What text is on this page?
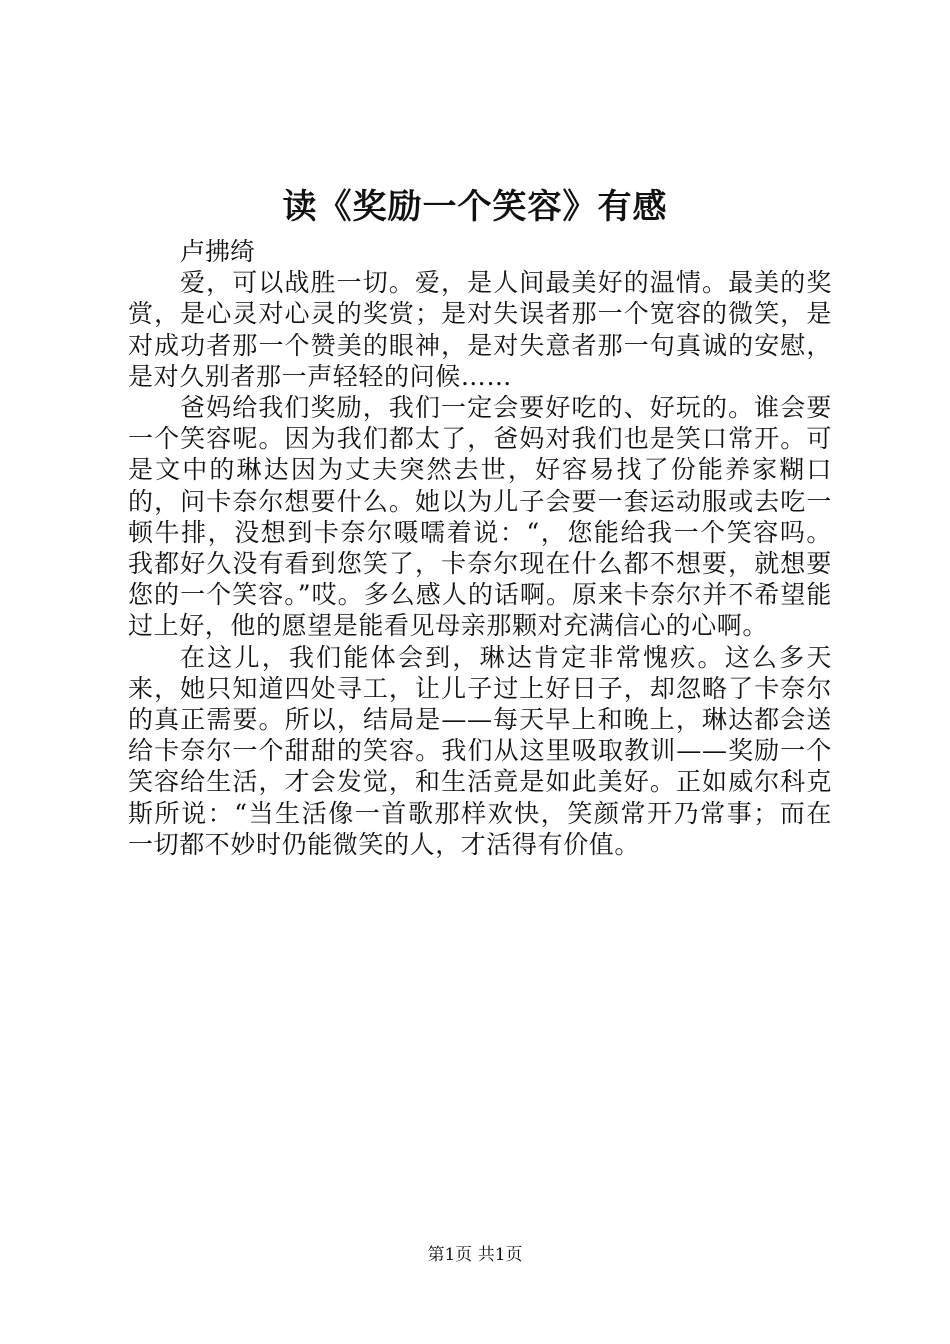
读《奖励一个笑容》有感

卢拂绮

爱，可以战胜一切。爱，是人间最美好的温情。最美的奖赏，是心灵对心灵的奖赏；是对失误者那一个宽容的微笑，是对成功者那一个赞美的眼神，是对失意者那一句真诚的安慰，是对久别者那一声轻轻的问候……

爸妈给我们奖励，我们一定会要好吃的、好玩的。谁会要一个笑容呢。因为我们都太了，爸妈对我们也是笑口常开。可是文中的琳达因为丈夫突然去世，好容易找了份能养家糊口的，问卡奈尔想要什么。她以为儿子会要一套运动服或去吃一顿牛排，没想到卡奈尔嗫嚅着说：“，您能给我一个笑容吗。我都好久没有看到您笑了，卡奈尔现在什么都不想要，就想要您的一个笑容。”哎。多么感人的话啊。原来卡奈尔并不希望能过上好，他的愿望是能看见母亲那颗对充满信心的心啊。

在这儿，我们能体会到，琳达肯定非常愧疚。这么多天来，她只知道四处寻工，让儿子过上好日子，却忽略了卡奈尔的真正需要。所以，结局是——每天早上和晚上，琳达都会送给卡奈尔一个甜甜的笑容。我们从这里吸取教训——奖励一个笑容给生活，才会发觉，和生活竟是如此美好。正如威尔科克斯所说：“当生活像一首歌那样欢快，笑颜常开乃常事；而在一切都不妙时仍能微笑的人，才活得有价值。

第1页 共1页
